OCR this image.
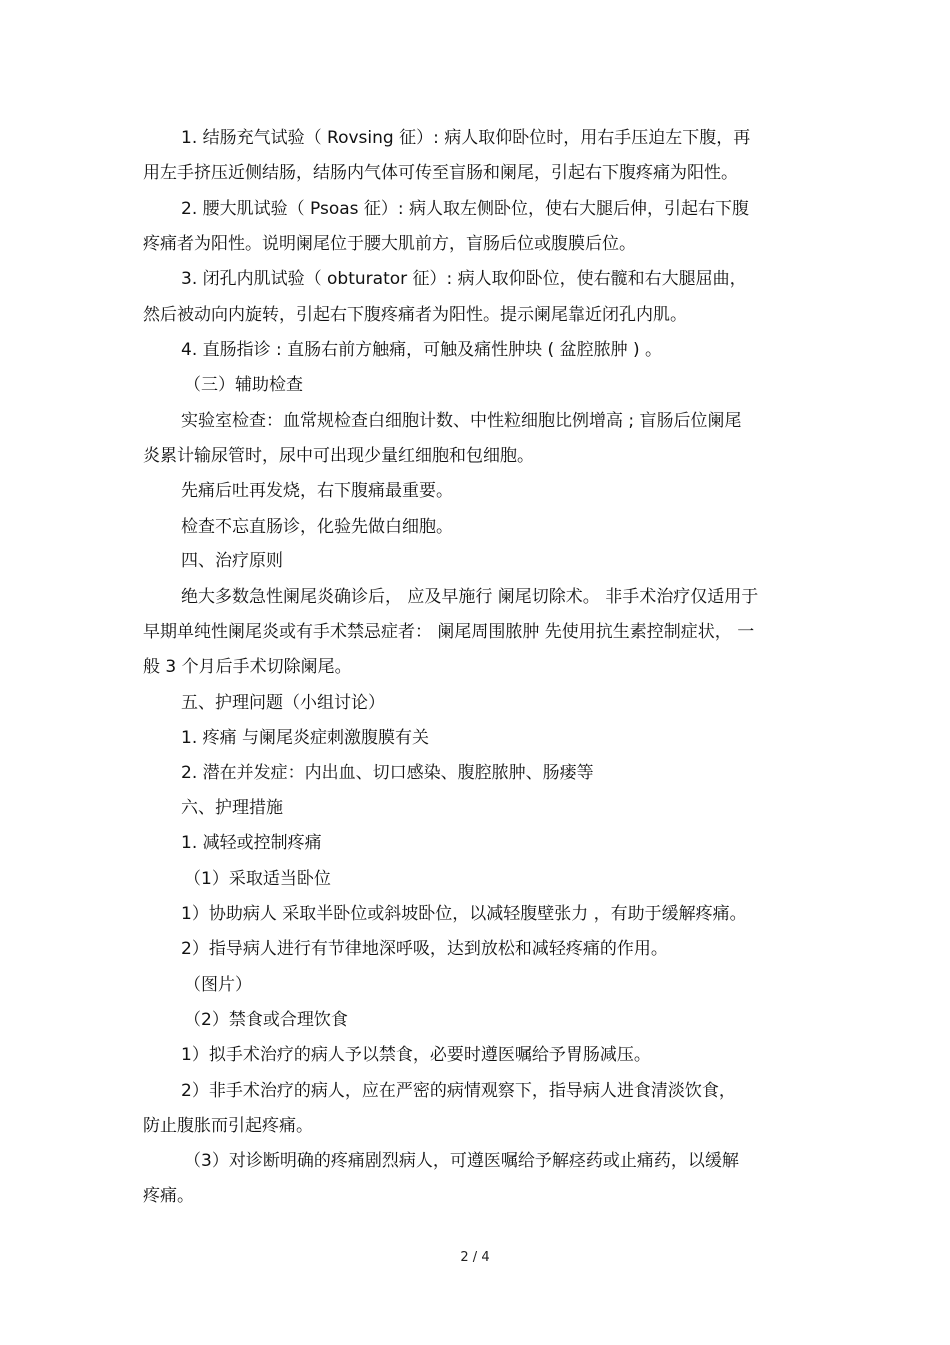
1. 结肠充气试验（ Rovsing 征）: 病人取仰卧位时，用右手压迫左下腹，再
用左手挤压近侧结肠，结肠内气体可传至盲肠和阑尾，引起右下腹疼痛为阳性。
2. 腰大肌试验（ Psoas 征）: 病人取左侧卧位，使右大腿后伸，引起右下腹
疼痛者为阳性。说明阑尾位于腰大肌前方，盲肠后位或腹膜后位。
3. 闭孔内肌试验（ obturator 征）: 病人取仰卧位，使右髋和右大腿屈曲，
然后被动向内旋转，引起右下腹疼痛者为阳性。提示阑尾靠近闭孔内肌。
4. 直肠指诊 : 直肠右前方触痛，可触及痛性肿块 ( 盆腔脓肿 ) 。
（三）辅助检查
实验室检查：血常规检查白细胞计数、中性粒细胞比例增高 ; 盲肠后位阑尾
炎累计输尿管时，尿中可出现少量红细胞和包细胞。
先痛后吐再发烧，右下腹痛最重要。
检查不忘直肠诊，化验先做白细胞。
四、治疗原则
绝大多数急性阑尾炎确诊后， 应及早施行 阑尾切除术。 非手术治疗仅适用于
早期单纯性阑尾炎或有手术禁忌症者： 阑尾周围脓肿 先使用抗生素控制症状， 一
般 3 个月后手术切除阑尾。
五、护理问题（小组讨论）
1. 疼痛 与阑尾炎症刺激腹膜有关
2. 潜在并发症：内出血、切口感染、腹腔脓肿、肠瘘等
六、护理措施
1. 减轻或控制疼痛
（1）采取适当卧位
1）协助病人 采取半卧位或斜坡卧位，以减轻腹壁张力 ，有助于缓解疼痛。
2）指导病人进行有节律地深呼吸，达到放松和减轻疼痛的作用。
（图片）
（2）禁食或合理饮食
1）拟手术治疗的病人予以禁食，必要时遵医嘱给予胃肠减压。
2）非手术治疗的病人，应在严密的病情观察下，指导病人进食清淡饮食，
防止腹胀而引起疼痛。
（3）对诊断明确的疼痛剧烈病人，可遵医嘱给予解痉药或止痛药，以缓解
疼痛。
2 / 4
